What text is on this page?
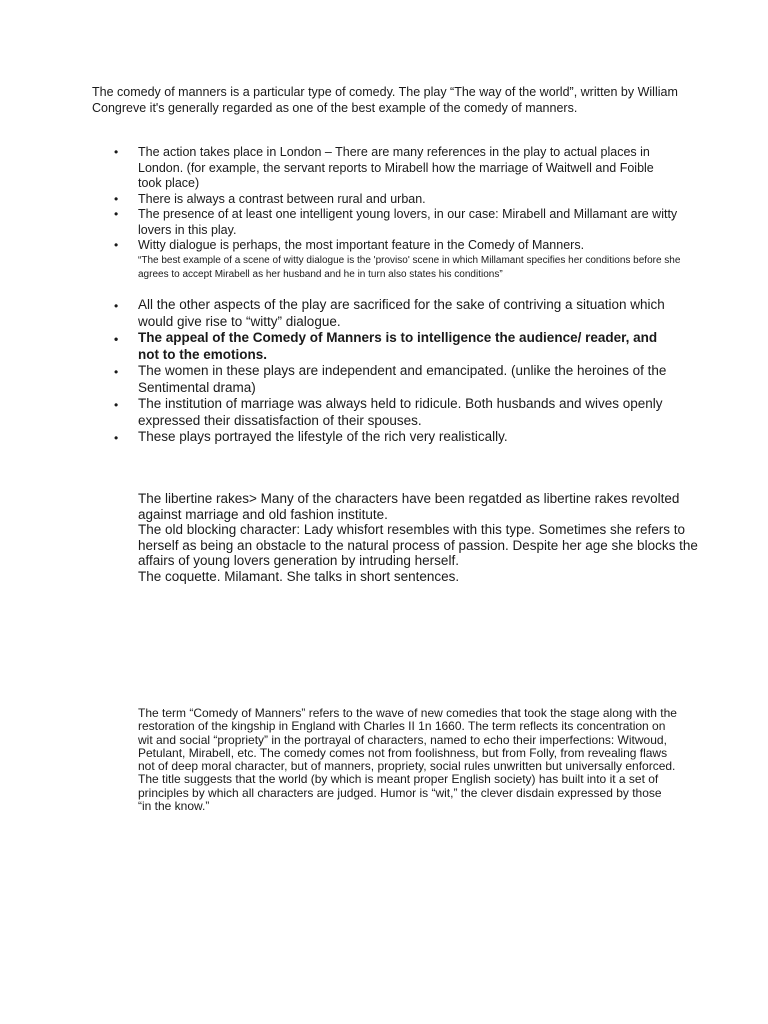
The comedy of manners is a particular type of comedy. The play “The way of the world”, written by William Congreve it's generally regarded as one of the best example of the comedy of manners.

• The action takes place in London – There are many references in the play to actual places in London. (for example, the servant reports to Mirabell how the marriage of Waitwell and Foible took place)
• There is always a contrast between rural and urban.
• The presence of at least one intelligent young lovers, in our case: Mirabell and Millamant are witty lovers in this play.
• Witty dialogue is perhaps, the most important feature in the Comedy of Manners.
“The best example of a scene of witty dialogue is the 'proviso' scene in which Millamant specifies her conditions before she agrees to accept Mirabell as her husband and he in turn also states his conditions”
• All the other aspects of the play are sacrificed for the sake of contriving a situation which would give rise to “witty” dialogue.
• The appeal of the Comedy of Manners is to intelligence the audience/ reader, and not to the emotions.
• The women in these plays are independent and emancipated. (unlike the heroines of the Sentimental drama)
• The institution of marriage was always held to ridicule. Both husbands and wives openly expressed their dissatisfaction of their spouses.
• These plays portrayed the lifestyle of the rich very realistically.

The libertine rakes> Many of the characters have been regatded as libertine rakes revolted against marriage and old fashion institute.

The old blocking character: Lady whisfort resembles with this type. Sometimes she refers to herself as being an obstacle to the natural process of passion. Despite her age she blocks the affairs of young lovers generation by intruding herself.

The coquette. Milamant. She talks in short sentences.

The term “Comedy of Manners” refers to the wave of new comedies that took the stage along with the restoration of the kingship in England with Charles II 1n 1660. The term reflects its concentration on wit and social “propriety” in the portrayal of characters, named to echo their imperfections: Witwoud, Petulant, Mirabell, etc. The comedy comes not from foolishness, but from Folly, from revealing flaws not of deep moral character, but of manners, propriety, social rules unwritten but universally enforced. The title suggests that the world (by which is meant proper English society) has built into it a set of principles by which all characters are judged. Humor is “wit,” the clever disdain expressed by those “in the know.”
